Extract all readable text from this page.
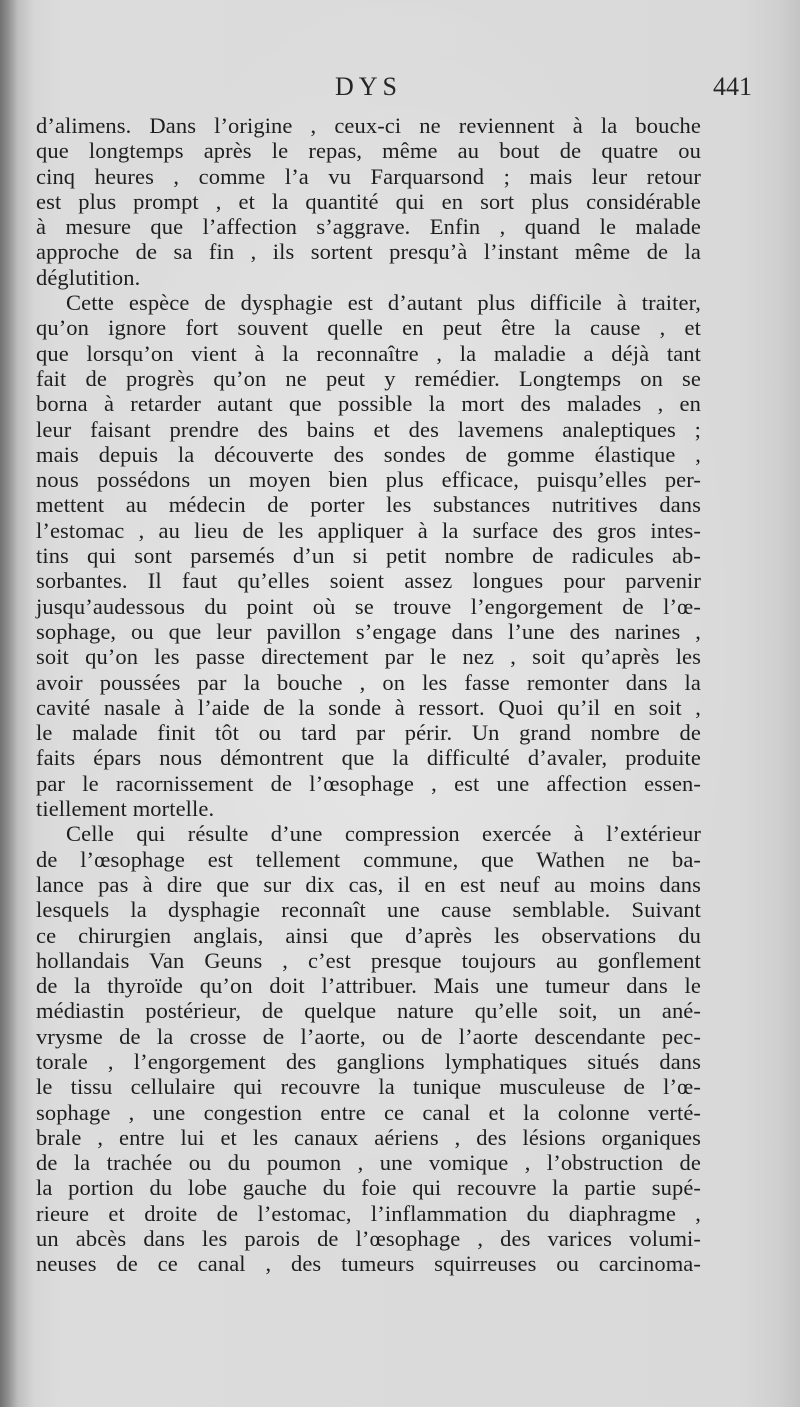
DYS	441
d’alimens. Dans l’origine , ceux-ci ne reviennent à la bouche
que longtemps après le repas, même au bout de quatre ou
cinq heures , comme l’a vu Farquarsond ; mais leur retour
est plus prompt , et la quantité qui en sort plus considérable
à mesure que l’affection s’aggrave. Enfin , quand le malade
approche de sa fin , ils sortent presqu’à l’instant même de la
déglutition.
Cette espèce de dysphagie est d’autant plus difficile à traiter,
qu’on ignore fort souvent quelle en peut être la cause , et
que lorsqu’on vient à la reconnaître , la maladie a déjà tant
fait de progrès qu’on ne peut y remédier. Longtemps on se
borna à retarder autant que possible la mort des malades , en
leur faisant prendre des bains et des lavemens analeptiques ;
mais depuis la découverte des sondes de gomme élastique ,
nous possédons un moyen bien plus efficace, puisqu’elles per-
mettent au médecin de porter les substances nutritives dans
l’estomac , au lieu de les appliquer à la surface des gros intes-
tins qui sont parsemés d’un si petit nombre de radicules ab-
sorbantes. Il faut qu’elles soient assez longues pour parvenir
jusqu’audessous du point où se trouve l’engorgement de l’œ-
sophage, ou que leur pavillon s’engage dans l’une des narines ,
soit qu’on les passe directement par le nez , soit qu’après les
avoir poussées par la bouche , on les fasse remonter dans la
cavité nasale à l’aide de la sonde à ressort. Quoi qu’il en soit ,
le malade finit tôt ou tard par périr. Un grand nombre de
faits épars nous démontrent que la difficulté d’avaler, produite
par le racornissement de l’œsophage , est une affection essen-
tiellement mortelle.
Celle qui résulte d’une compression exercée à l’extérieur
de l’œsophage est tellement commune, que Wathen ne ba-
lance pas à dire que sur dix cas, il en est neuf au moins dans
lesquels la dysphagie reconnaît une cause semblable. Suivant
ce chirurgien anglais, ainsi que d’après les observations du
hollandais Van Geuns , c’est presque toujours au gonflement
de la thyroïde qu’on doit l’attribuer. Mais une tumeur dans le
médiastin postérieur, de quelque nature qu’elle soit, un ané-
vrysme de la crosse de l’aorte, ou de l’aorte descendante pec-
torale , l’engorgement des ganglions lymphatiques situés dans
le tissu cellulaire qui recouvre la tunique musculeuse de l’œ-
sophage , une congestion entre ce canal et la colonne verté-
brale , entre lui et les canaux aériens , des lésions organiques
de la trachée ou du poumon , une vomique , l’obstruction de
la portion du lobe gauche du foie qui recouvre la partie supé-
rieure et droite de l’estomac, l’inflammation du diaphragme ,
un abcès dans les parois de l’œsophage , des varices volumi-
neuses de ce canal , des tumeurs squirreuses ou carcinoma-
